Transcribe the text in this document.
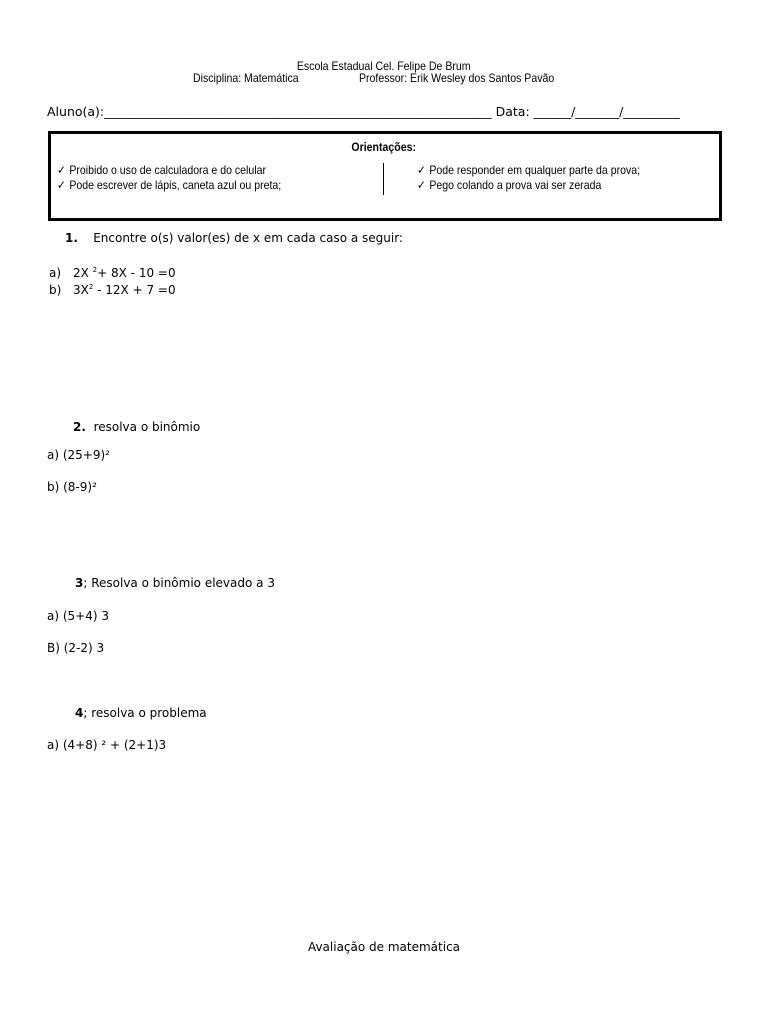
Escola Estadual Cel. Felipe De Brum
Disciplina: Matemática	Professor: Erik Wesley dos Santos Pavão
Aluno(a):______________________________________________________________ Data: ______/_______/_________
Orientações:
✓ Proibido o uso de calculadora e do celular
✓ Pode escrever de lápis, caneta azul ou preta;
✓ Pode responder em qualquer parte da prova;
✓ Pego colando a prova vai ser zerada
1. Encontre o(s) valor(es) de x em cada caso a seguir:
a) 2X $^2$+ 8X - 10 =0
b) $3X^2 - 12X + 7 =0$
2. resolva o binômio
a) (25+9)²
b) (8-9)²
3; Resolva o binômio elevado a 3
a) (5+4) 3
B) (2-2) 3
4; resolva o problema
a) (4+8) ² + (2+1)3
Avaliação de matemática
